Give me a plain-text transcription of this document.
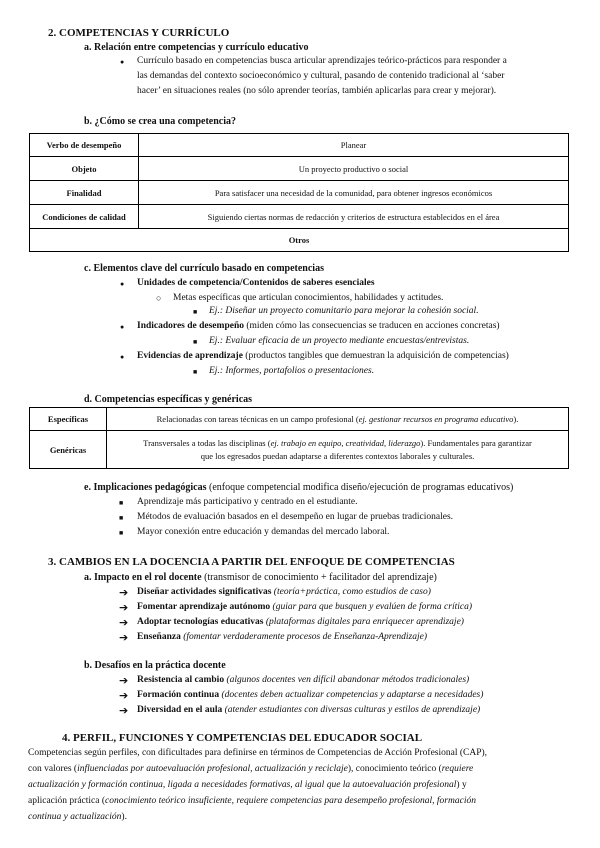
2. COMPETENCIAS Y CURRÍCULO
a. Relación entre competencias y currículo educativo
● Currículo basado en competencias busca articular aprendizajes teórico-prácticos para responder a
las demandas del contexto socioeconómico y cultural, pasando de contenido tradicional al ‘saber
hacer’ en situaciones reales (no sólo aprender teorías, también aplicarlas para crear y mejorar).
b. ¿Cómo se crea una competencia?
Verbo de desempeño	Planear
Objeto	Un proyecto productivo o social
Finalidad	Para satisfacer una necesidad de la comunidad, para obtener ingresos económicos
Condiciones de calidad	Siguiendo ciertas normas de redacción y criterios de estructura establecidos en el área
Otros	
c. Elementos clave del currículo basado en competencias
● Unidades de competencia/Contenidos de saberes esenciales
○ Metas específicas que articulan conocimientos, habilidades y actitudes.
■ Ej.: Diseñar un proyecto comunitario para mejorar la cohesión social.
● Indicadores de desempeño (miden cómo las consecuencias se traducen en acciones concretas)
■ Ej.: Evaluar eficacia de un proyecto mediante encuestas/entrevistas.
● Evidencias de aprendizaje (productos tangibles que demuestran la adquisición de competencias)
■ Ej.: Informes, portafolios o presentaciones.
d. Competencias específicas y genéricas
Específicas	Relacionadas con tareas técnicas en un campo profesional (ej. gestionar recursos en programa educativo).
Genéricas	Transversales a todas las disciplinas (ej. trabajo en equipo, creatividad, liderazgo). Fundamentales para garantizar
que los egresados puedan adaptarse a diferentes contextos laborales y culturales.
e. Implicaciones pedagógicas (enfoque competencial modifica diseño/ejecución de programas educativos)
■ Aprendizaje más participativo y centrado en el estudiante.
■ Métodos de evaluación basados en el desempeño en lugar de pruebas tradicionales.
■ Mayor conexión entre educación y demandas del mercado laboral.
3. CAMBIOS EN LA DOCENCIA A PARTIR DEL ENFOQUE DE COMPETENCIAS
a. Impacto en el rol docente (transmisor de conocimiento + facilitador del aprendizaje)
➔ Diseñar actividades significativas (teoría+práctica, como estudios de caso)
➔ Fomentar aprendizaje autónomo (guiar para que busquen y evalúen de forma crítica)
➔ Adoptar tecnologías educativas (plataformas digitales para enriquecer aprendizaje)
➔ Enseñanza (fomentar verdaderamente procesos de Enseñanza-Aprendizaje)
b. Desafíos en la práctica docente
➔ Resistencia al cambio (algunos docentes ven difícil abandonar métodos tradicionales)
➔ Formación continua (docentes deben actualizar competencias y adaptarse a necesidades)
➔ Diversidad en el aula (atender estudiantes con diversas culturas y estilos de aprendizaje)
4. PERFIL, FUNCIONES Y COMPETENCIAS DEL EDUCADOR SOCIAL
Competencias según perfiles, con dificultades para definirse en términos de Competencias de Acción Profesional (CAP),
con valores (influenciadas por autoevaluación profesional, actualización y reciclaje), conocimiento teórico (requiere
actualización y formación continua, ligada a necesidades formativas, al igual que la autoevaluación profesional) y
aplicación práctica (conocimiento teórico insuficiente, requiere competencias para desempeño profesional, formación
continua y actualización).
